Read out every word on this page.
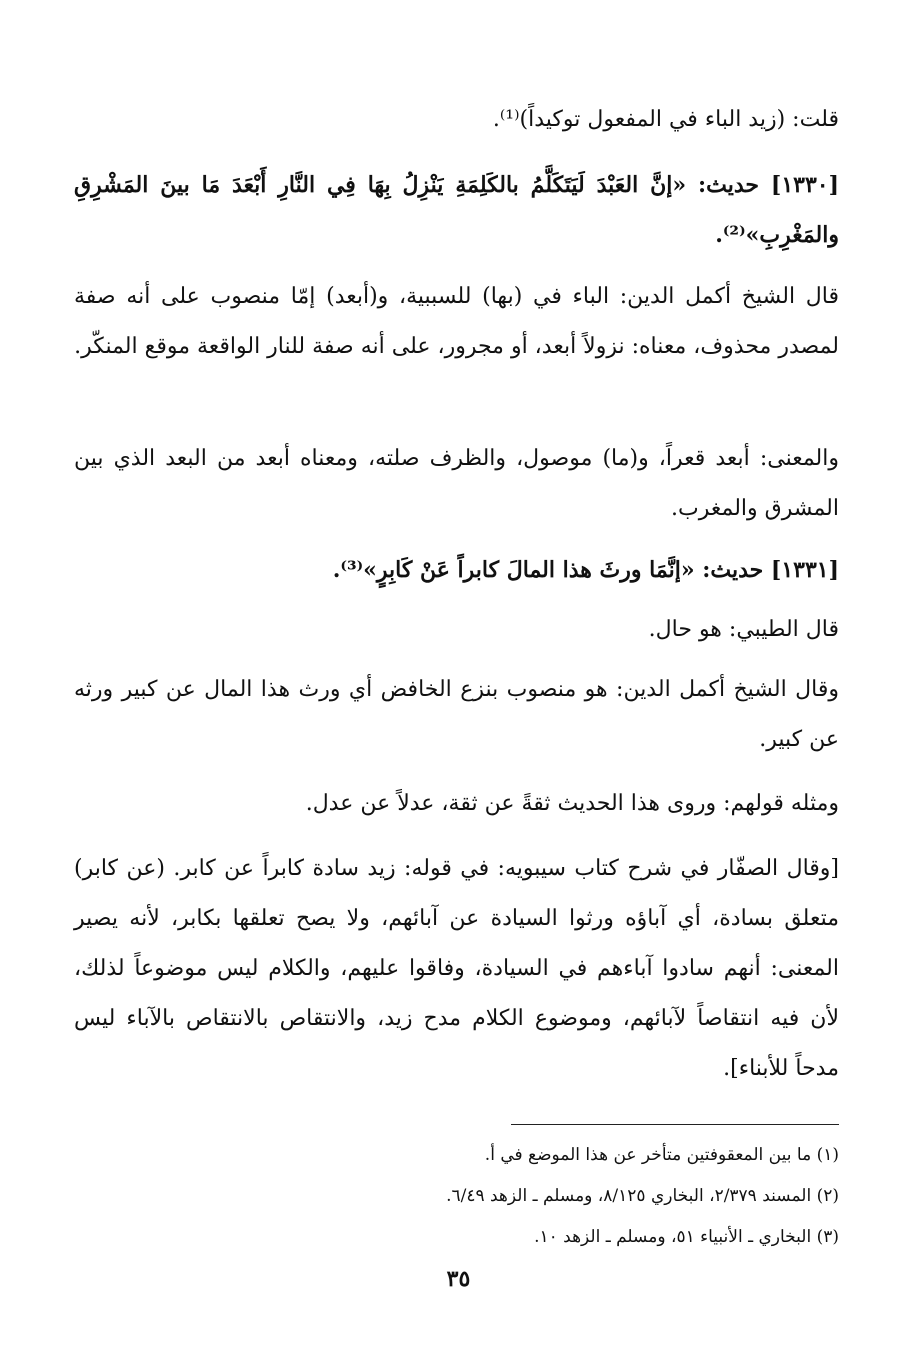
قلت: (زيد الباء في المفعول توكيداً)⁽¹⁾.
[١٣٣٠] حديث: «إنَّ العَبْدَ لَيَتَكَلَّمُ بالكَلِمَةِ يَنْزِلُ بِهَا فِي النَّارِ أَبْعَدَ مَا بينَ المَشْرِقِ والمَغْرِبِ»⁽²⁾.
قال الشيخ أكمل الدين: الباء في (بها) للسببية، و(أبعد) إمّا منصوب على أنه صفة لمصدر محذوف، معناه: نزولاً أبعد، أو مجرور، على أنه صفة للنار الواقعة موقع المنكّر.
والمعنى: أبعد قعراً، و(ما) موصول، والظرف صلته، ومعناه أبعد من البعد الذي بين المشرق والمغرب.
[١٣٣١] حديث: «إنَّمَا ورثَ هذا المالَ كابراً عَنْ كَابِرٍ»⁽³⁾.
قال الطيبي: هو حال.
وقال الشيخ أكمل الدين: هو منصوب بنزع الخافض أي ورث هذا المال عن كبير ورثه عن كبير.
ومثله قولهم: وروى هذا الحديث ثقةً عن ثقة، عدلاً عن عدل.
[وقال الصفّار في شرح كتاب سيبويه: في قوله: زيد سادة كابراً عن كابر. (عن كابر) متعلق بسادة، أي آباؤه ورثوا السيادة عن آبائهم، ولا يصح تعلقها بكابر، لأنه يصير المعنى: أنهم سادوا آباءهم في السيادة، وفاقوا عليهم، والكلام ليس موضوعاً لذلك، لأن فيه انتقاصاً لآبائهم، وموضوع الكلام مدح زيد، والانتقاص بالانتقاص بالآباء ليس مدحاً للأبناء].
(١) ما بين المعقوفتين متأخر عن هذا الموضع في أ.
(٢) المسند ٢/٣٧٩، البخاري ٨/١٢٥، ومسلم ـ الزهد ٦/٤٩.
(٣) البخاري ـ الأنبياء ٥١، ومسلم ـ الزهد ١٠.
٣٥
